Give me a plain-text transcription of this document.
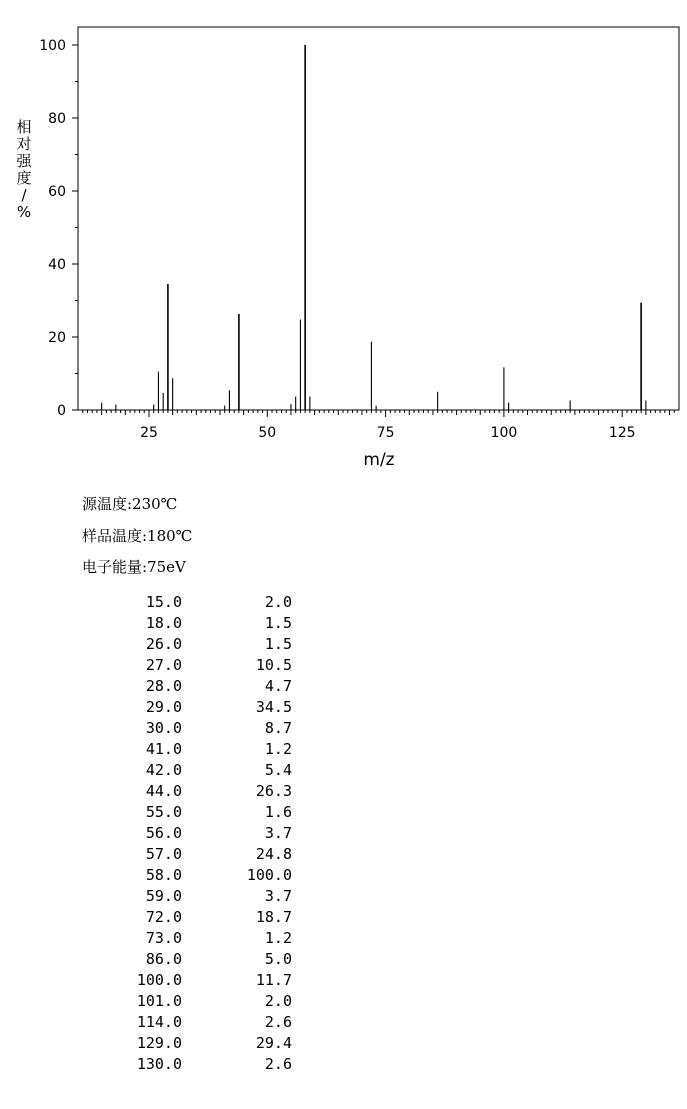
0
20
40
60
80
100
25	50	75	100	125
m/z
相对强度/ %
源温度:230℃
样品温度:180℃
电子能量:75eV
15.0	2.0
18.0	1.5
26.0	1.5
27.0	10.5
28.0	4.7
29.0	34.5
30.0	8.7
41.0	1.2
42.0	5.4
44.0	26.3
55.0	1.6
56.0	3.7
57.0	24.8
58.0	100.0
59.0	3.7
72.0	18.7
73.0	1.2
86.0	5.0
100.0	11.7
101.0	2.0
114.0	2.6
129.0	29.4
130.0	2.6
